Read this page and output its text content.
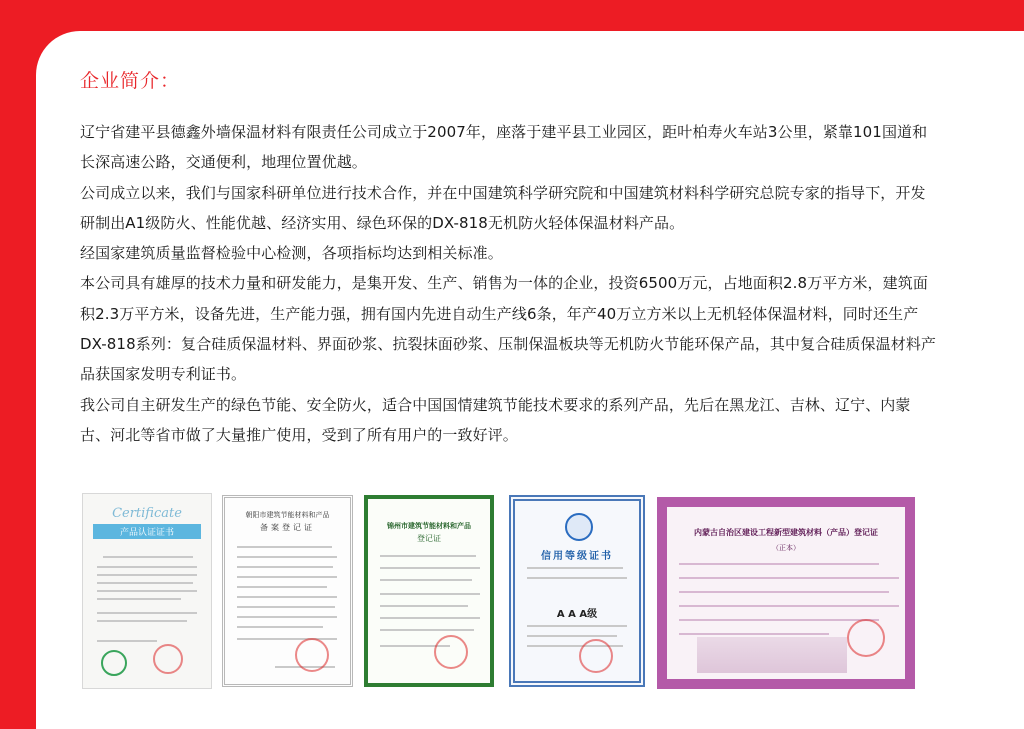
企业简介：

辽宁省建平县德鑫外墙保温材料有限责任公司成立于2007年，座落于建平县工业园区，距叶柏寿火车站3公里，紧靠101国道和长深高速公路，交通便利，地理位置优越。

公司成立以来，我们与国家科研单位进行技术合作，并在中国建筑科学研究院和中国建筑材料科学研究总院专家的指导下，开发研制出A1级防火、性能优越、经济实用、绿色环保的DX-818无机防火轻体保温材料产品。

经国家建筑质量监督检验中心检测，各项指标均达到相关标准。

本公司具有雄厚的技术力量和研发能力，是集开发、生产、销售为一体的企业，投资6500万元，占地面积2.8万平方米，建筑面积2.3万平方米，设备先进，生产能力强，拥有国内先进自动生产线6条，年产40万立方米以上无机轻体保温材料，同时还生产DX-818系列：复合硅质保温材料、界面砂浆、抗裂抹面砂浆、压制保温板块等无机防火节能环保产品，其中复合硅质保温材料产品获国家发明专利证书。

我公司自主研发生产的绿色节能、安全防火，适合中国国情建筑节能技术要求的系列产品，先后在黑龙江、吉林、辽宁、内蒙古、河北等省市做了大量推广使用，受到了所有用户的一致好评。

Certificate
产品认证证书
朝阳市建筑节能材料和产品
备案登记证	锦州市建筑节能材料和产品
登记证
信用等级证书
A A A级
内蒙古自治区建设工程新型建筑材料（产品）登记证
（正本）
